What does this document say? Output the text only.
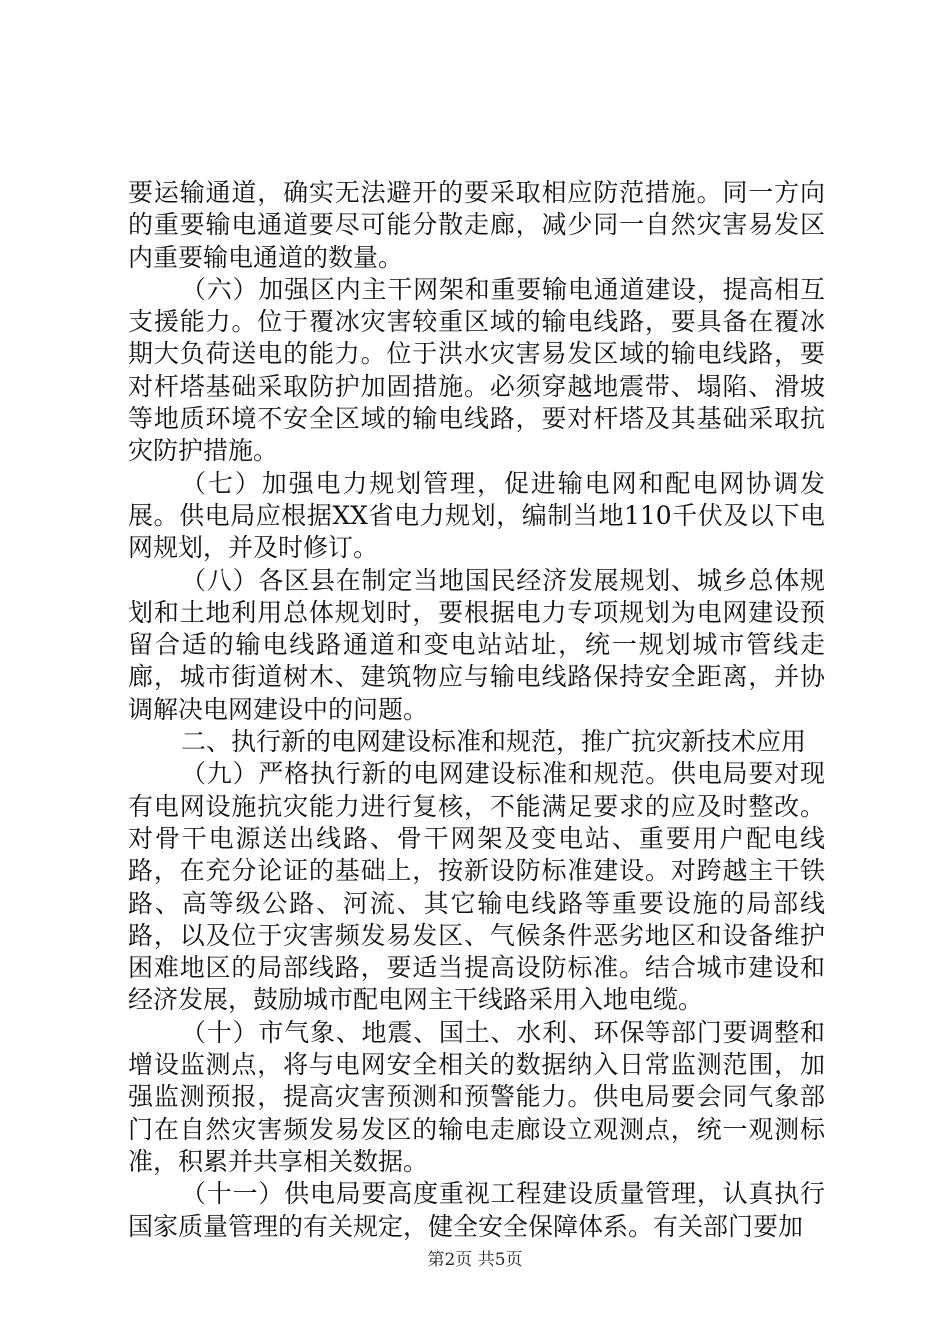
要运输通道，确实无法避开的要采取相应防范措施。同一方向的重要输电通道要尽可能分散走廊，减少同一自然灾害易发区内重要输电通道的数量。

（六）加强区内主干网架和重要输电通道建设，提高相互支援能力。位于覆冰灾害较重区域的输电线路，要具备在覆冰期大负荷送电的能力。位于洪水灾害易发区域的输电线路，要对杆塔基础采取防护加固措施。必须穿越地震带、塌陷、滑坡等地质环境不安全区域的输电线路，要对杆塔及其基础采取抗灾防护措施。

（七）加强电力规划管理，促进输电网和配电网协调发展。供电局应根据XX省电力规划，编制当地110千伏及以下电网规划，并及时修订。

（八）各区县在制定当地国民经济发展规划、城乡总体规划和土地利用总体规划时，要根据电力专项规划为电网建设预留合适的输电线路通道和变电站站址，统一规划城市管线走廊，城市街道树木、建筑物应与输电线路保持安全距离，并协调解决电网建设中的问题。

二、执行新的电网建设标准和规范，推广抗灾新技术应用

（九）严格执行新的电网建设标准和规范。供电局要对现有电网设施抗灾能力进行复核，不能满足要求的应及时整改。对骨干电源送出线路、骨干网架及变电站、重要用户配电线路，在充分论证的基础上，按新设防标准建设。对跨越主干铁路、高等级公路、河流、其它输电线路等重要设施的局部线路，以及位于灾害频发易发区、气候条件恶劣地区和设备维护困难地区的局部线路，要适当提高设防标准。结合城市建设和经济发展，鼓励城市配电网主干线路采用入地电缆。

（十）市气象、地震、国土、水利、环保等部门要调整和增设监测点，将与电网安全相关的数据纳入日常监测范围，加强监测预报，提高灾害预测和预警能力。供电局要会同气象部门在自然灾害频发易发区的输电走廊设立观测点，统一观测标准，积累并共享相关数据。

（十一）供电局要高度重视工程建设质量管理，认真执行国家质量管理的有关规定，健全安全保障体系。有关部门要加

第2页 共5页
